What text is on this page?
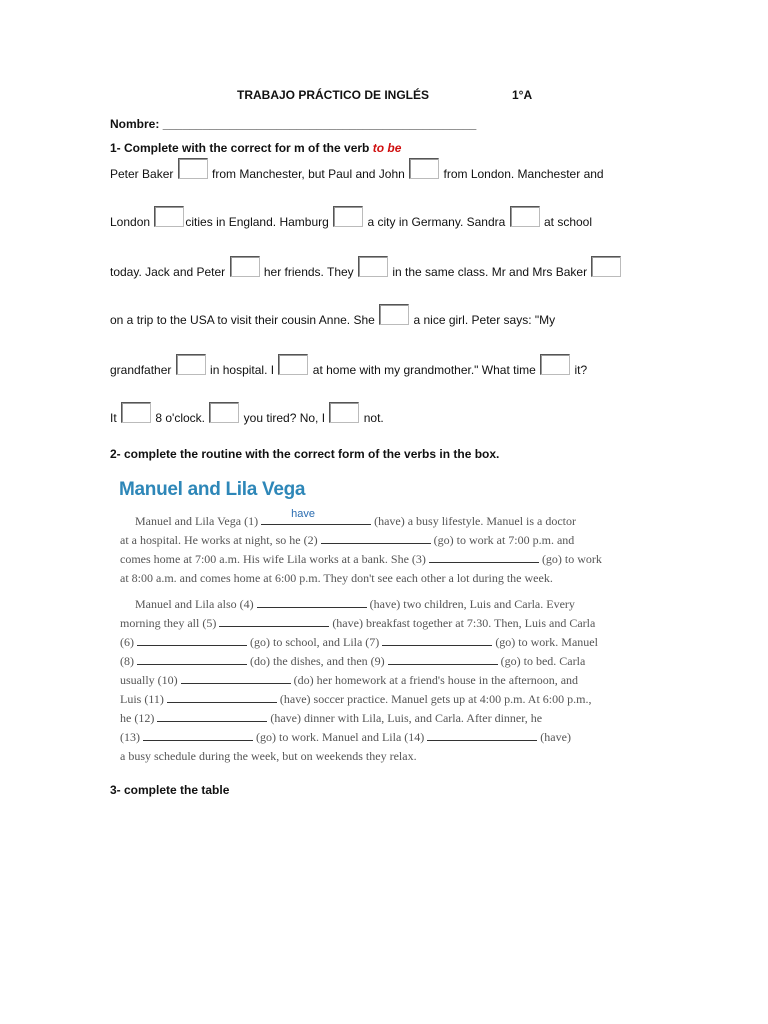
TRABAJO PRÁCTICO DE INGLÉS	1°A
Nombre: _______________________________________________
1- Complete with the correct for m of the verb to be
Peter Baker	from Manchester, but Paul and John	from London. Manchester and
London	cities in England. Hamburg	a city in Germany. Sandra	at school
today. Jack and Peter	her friends. They	in the same class. Mr and Mrs Baker
on a trip to the USA to visit their cousin Anne. She	a nice girl. Peter says: "My
grandfather	in hospital. I	at home with my grandmother." What time	it?
It	8 o'clock.	you tired? No, I	not.
2- complete the routine with the correct form of the verbs in the box.
Manuel and Lila Vega

Manuel and Lila Vega (1)	have	(have) a busy lifestyle. Manuel is a doctor

at a hospital. He works at night, so he (2)	(go) to work at 7:00 p.m. and

comes home at 7:00 a.m. His wife Lila works at a bank. She (3)	(go) to work

at 8:00 a.m. and comes home at 6:00 p.m. They don't see each other a lot during the week.

Manuel and Lila also (4)	(have) two children, Luis and Carla. Every

morning they all (5)	(have) breakfast together at 7:30. Then, Luis and Carla

(6)	(go) to school, and Lila (7)	(go) to work. Manuel

(8)	(do) the dishes, and then (9)	(go) to bed. Carla

usually (10)	(do) her homework at a friend's house in the afternoon, and

Luis (11)	(have) soccer practice. Manuel gets up at 4:00 p.m. At 6:00 p.m.,

he (12)	(have) dinner with Lila, Luis, and Carla. After dinner, he

(13)	(go) to work. Manuel and Lila (14)	(have)

a busy schedule during the week, but on weekends they relax.

3- complete the table
